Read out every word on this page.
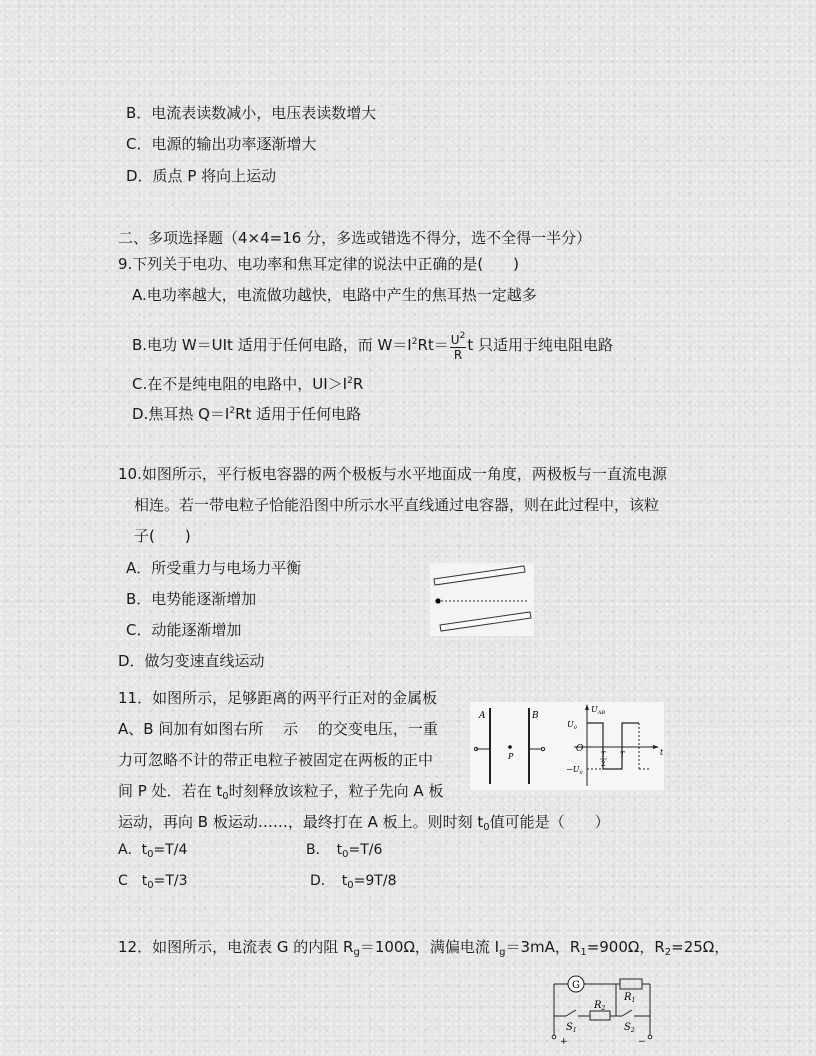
B．电流表读数减小，电压表读数增大
C．电源的输出功率逐渐增大
D．质点 P 将向上运动
二、多项选择题（4×4=16 分，多选或错选不得分，选不全得一半分）
9.下列关于电功、电功率和焦耳定律的说法中正确的是(　　)
A.电功率越大，电流做功越快，电路中产生的焦耳热一定越多
B.电功 W＝UIt 适用于任何电路，而 $W=I^2Rt= \frac{U^2}{R}$ t 只适用于纯电阻电路
C.在不是纯电阻的电路中，$UI>I^2R$
D.焦耳热 $Q=I^2Rt$ 适用于任何电路
10.如图所示，平行板电容器的两个极板与水平地面成一角度，两极板与一直流电源
相连。若一带电粒子恰能沿图中所示水平直线通过电容器，则在此过程中，该粒
子(　　)
A．所受重力与电场力平衡
B．电势能逐渐增加
C．动能逐渐增加
D．做匀变速直线运动
11．如图所示，足够距离的两平行正对的金属板
A、B 间加有如图右所　 示　 的交变电压，一重
力可忽略不计的带正电粒子被固定在两板的正中
间 P 处．若在 $t_0$时刻释放该粒子，粒子先向 A 板
运动，再向 B 板运动……，最终打在 A 板上。则时刻 $t_0$值可能是（　　）
A．$t_0=T/4$	B．　$t_0=T/6$
C　$t_0=T/3$	D．　$t_0=9T/8$
A
P
B
$U_{AB}$
$U_0$
$-U_0$
O	t
T
2
T
12．如图所示，电流表 G 的内阻 $R_g=100\Omega$，满偏电流 $I_g=3mA$，$R_1=900\Omega$，$R_2=25\Omega$，
G
+	−
$R_1$
$R_2$
$S_1$	$S_2$
